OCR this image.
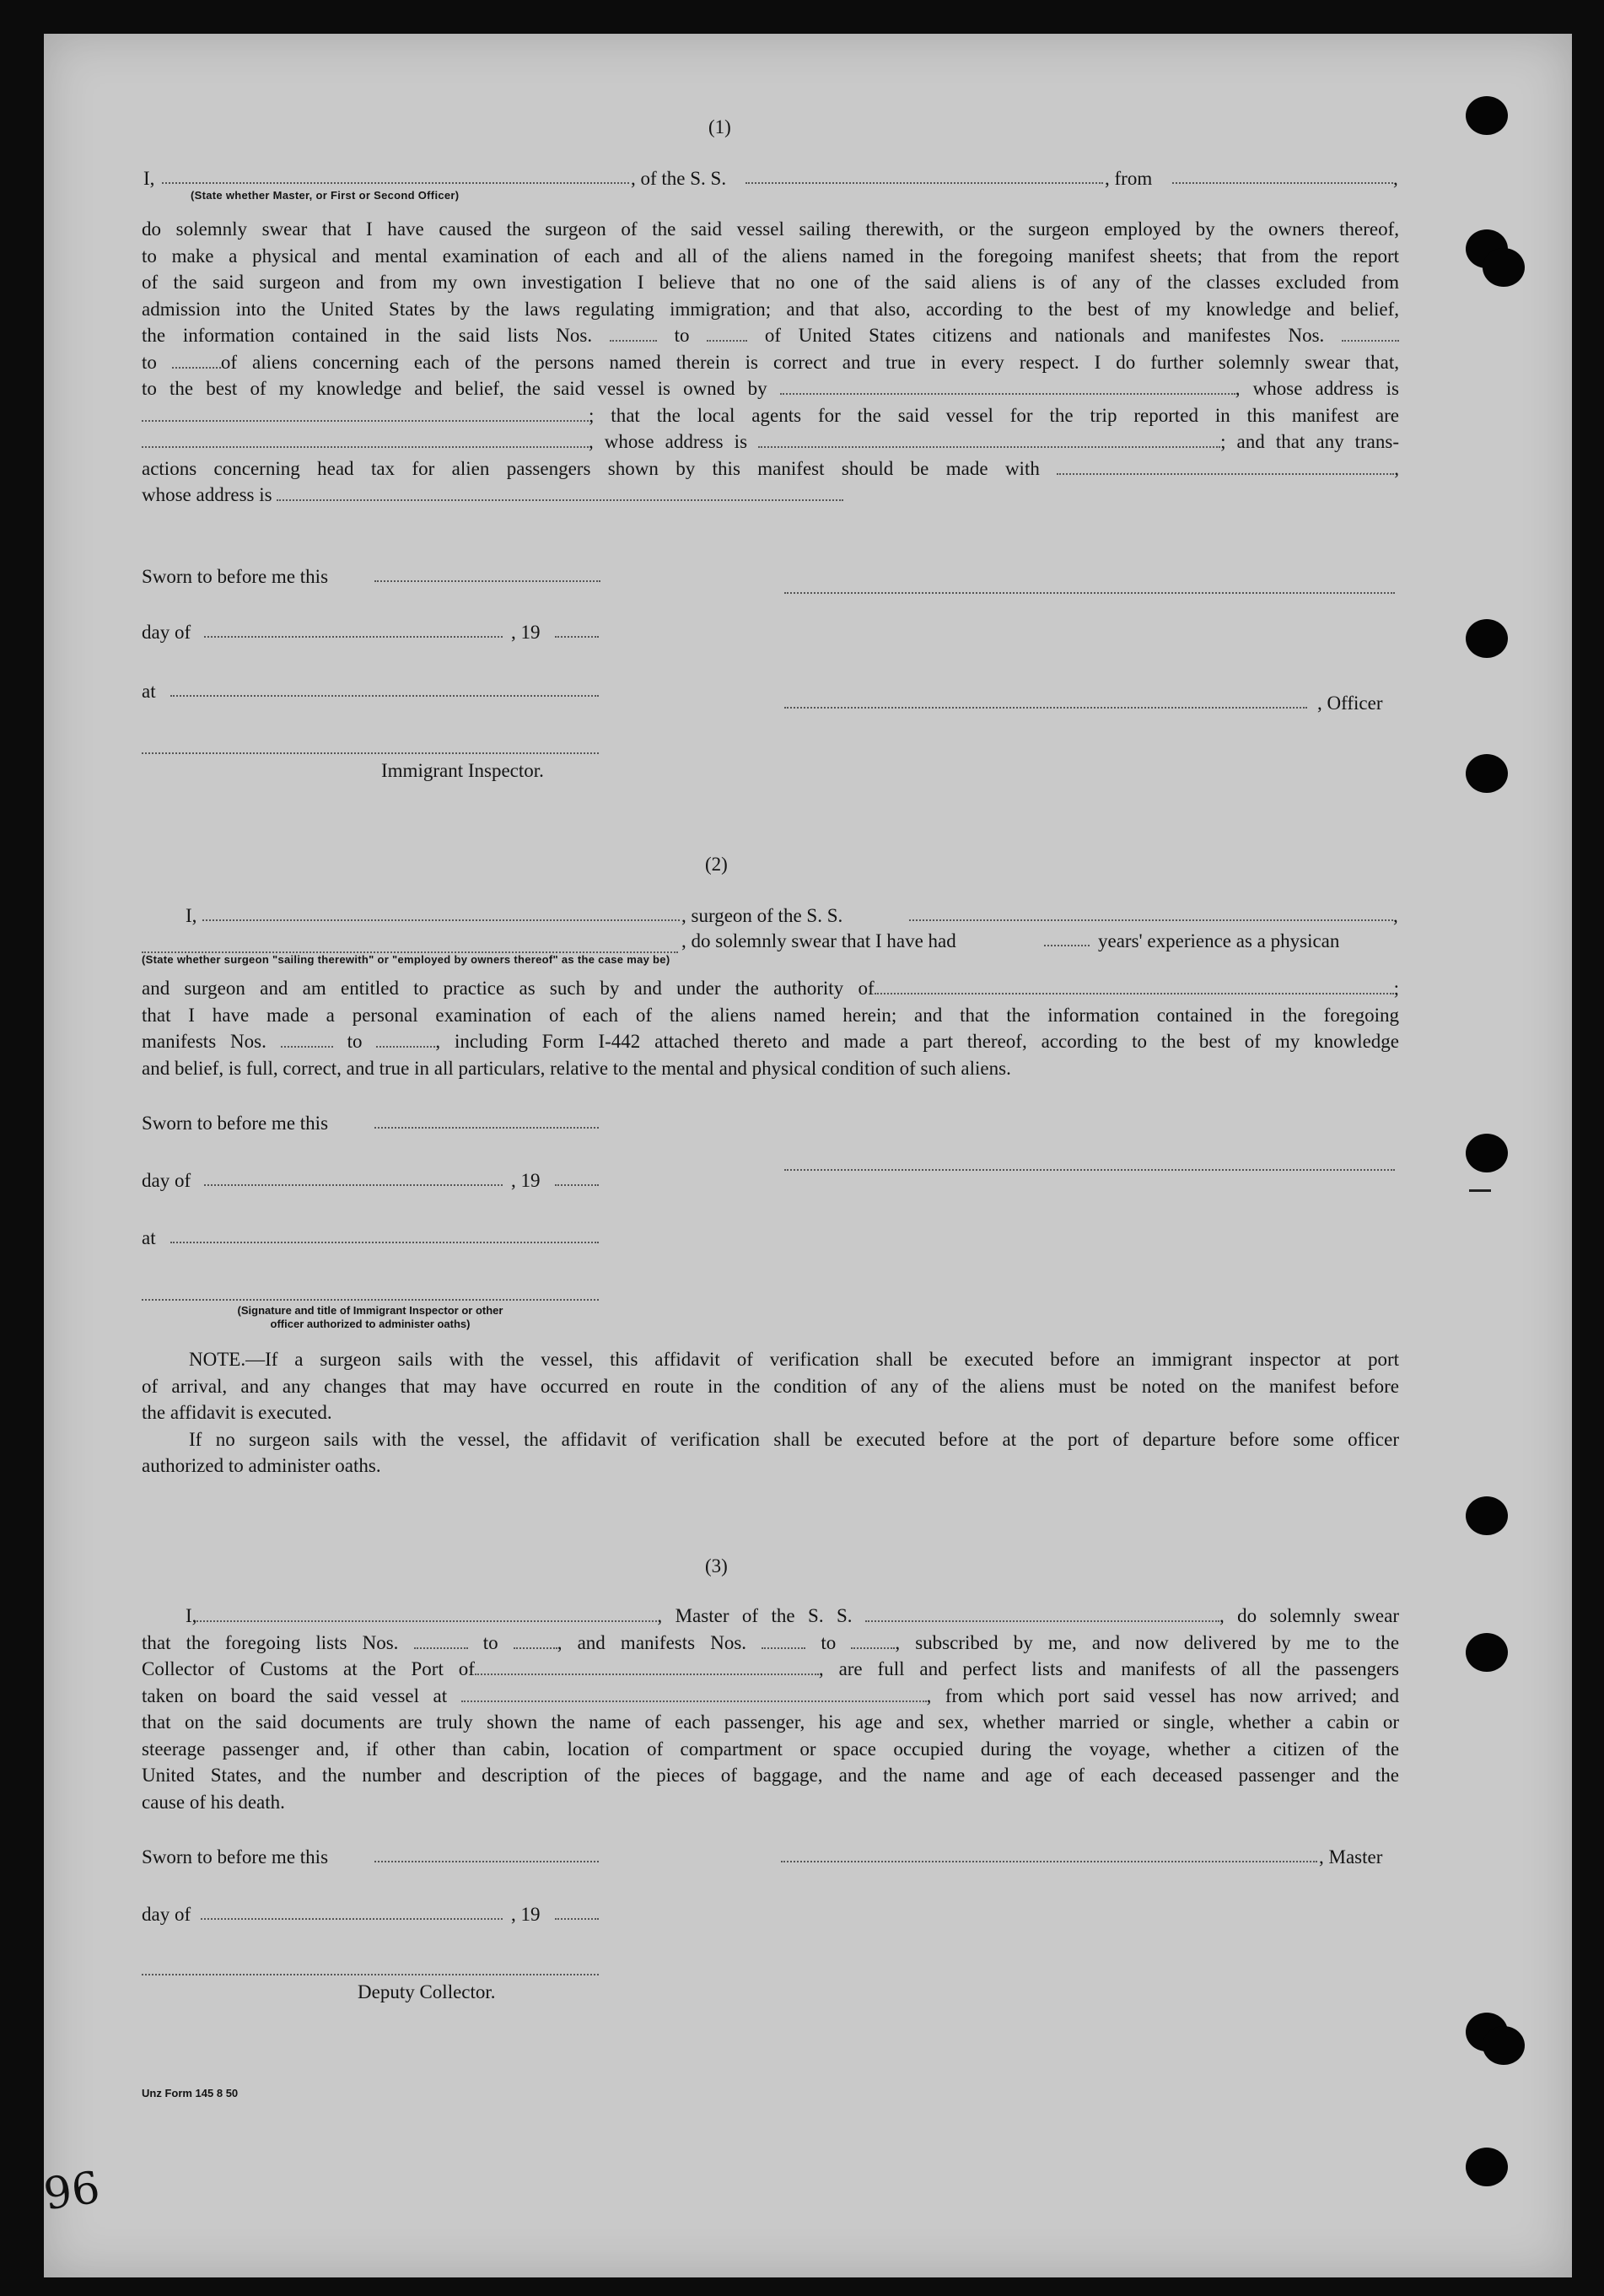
(1)
I,	, of the S. S.	, from	,
(State whether Master, or First or Second Officer)
do solemnly swear that I have caused the surgeon of the said vessel sailing therewith, or the surgeon employed by the owners thereof,
to make a physical and mental examination of each and all of the aliens named in the foregoing manifest sheets; that from the report
of the said surgeon and from my own investigation I believe that no one of the said aliens is of any of the classes excluded from
admission into the United States by the laws regulating immigration; and that also, according to the best of my knowledge and belief,
the information contained in the said lists Nos.	to	of United States citizens and nationals and manifestes Nos.
to	of aliens concerning each of the persons named therein is correct and true in every respect. I do further solemnly swear that,
to the best of my knowledge and belief, the said vessel is owned by	, whose address is
; that the local agents for the said vessel for the trip reported in this manifest are
, whose address is	; and that any trans-
actions concerning head tax for alien passengers shown by this manifest should be made with	,
whose address is
Sworn to before me this
day of	, 19
at
, Officer
Immigrant Inspector.
(2)
I,	, surgeon of the S. S.	,
, do solemnly swear that I have had	years' experience as a physican
(State whether surgeon "sailing therewith" or "employed by owners thereof" as the case may be)
and surgeon and am entitled to practice as such by and under the authority of	;
that I have made a personal examination of each of the aliens named herein; and that the information contained in the foregoing
manifests Nos.	to	, including Form I-442 attached thereto and made a part thereof, according to the best of my knowledge
and belief, is full, correct, and true in all particulars, relative to the mental and physical condition of such aliens.
Sworn to before me this
day of	, 19
at
(Signature and title of Immigrant Inspector or other
officer authorized to administer oaths)
NOTE.—If a surgeon sails with the vessel, this affidavit of verification shall be executed before an immigrant inspector at port
of arrival, and any changes that may have occurred en route in the condition of any of the aliens must be noted on the manifest before
the affidavit is executed.
If no surgeon sails with the vessel, the affidavit of verification shall be executed before at the port of departure before some officer
authorized to administer oaths.
(3)
I,	, Master of the S. S.	, do solemnly swear
that the foregoing lists Nos.	to	, and manifests Nos.	to	, subscribed by me, and now delivered by me to the
Collector of Customs at the Port of	, are full and perfect lists and manifests of all the passengers
taken on board the said vessel at	, from which port said vessel has now arrived; and
that on the said documents are truly shown the name of each passenger, his age and sex, whether married or single, whether a cabin or
steerage passenger and, if other than cabin, location of compartment or space occupied during the voyage, whether a citizen of the
United States, and the number and description of the pieces of baggage, and the name and age of each deceased passenger and the
cause of his death.
Sworn to before me this	, Master
day of	, 19
Deputy Collector.
Unz Form 145 8 50
96
